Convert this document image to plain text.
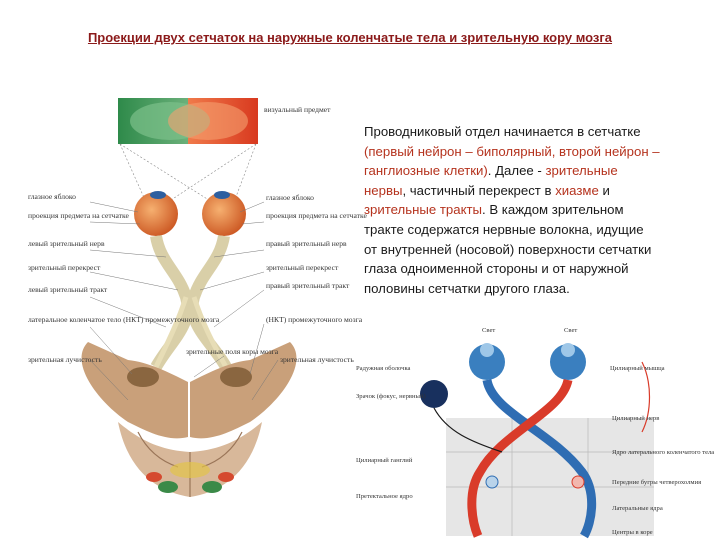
Проекции двух сетчаток на наружные коленчатые тела и зрительную кору мозга
Проводниковый отдел начинается в сетчатке (первый нейрон – биполярный, второй нейрон – ганглиозные клетки). Далее - зрительные нервы, частичный перекрест в хиазме и зрительные тракты. В каждом зрительном тракте содержатся нервные волокна, идущие от внутренней (носовой) поверхности сетчатки глаза одноименной стороны и от наружной половины сетчатки другого глаза.
визуальный предмет
глазное яблоко
проекция предмета на сетчатке
левый зрительный нерв
зрительный перекрест
левый зрительный тракт
латеральное коленчатое тело (НКТ) промежуточного мозга
зрительная лучистость
глазное яблоко
проекция предмета на сетчатке
правый зрительный нерв
зрительный перекрест
правый зрительный тракт
(НКТ) промежуточного мозга
зрительная лучистость
зрительные поля коры мозга
Свет	Свет
Радужная оболочка
Зрачок (фокус, нервный)
Цилиарный мышца
Цилиарный нерв
Ядро латерального коленчатого тела
Цилиарный ганглий
Передние бугры четверохолмия
Претектальное ядро
Латеральные ядра
Центры в коре
